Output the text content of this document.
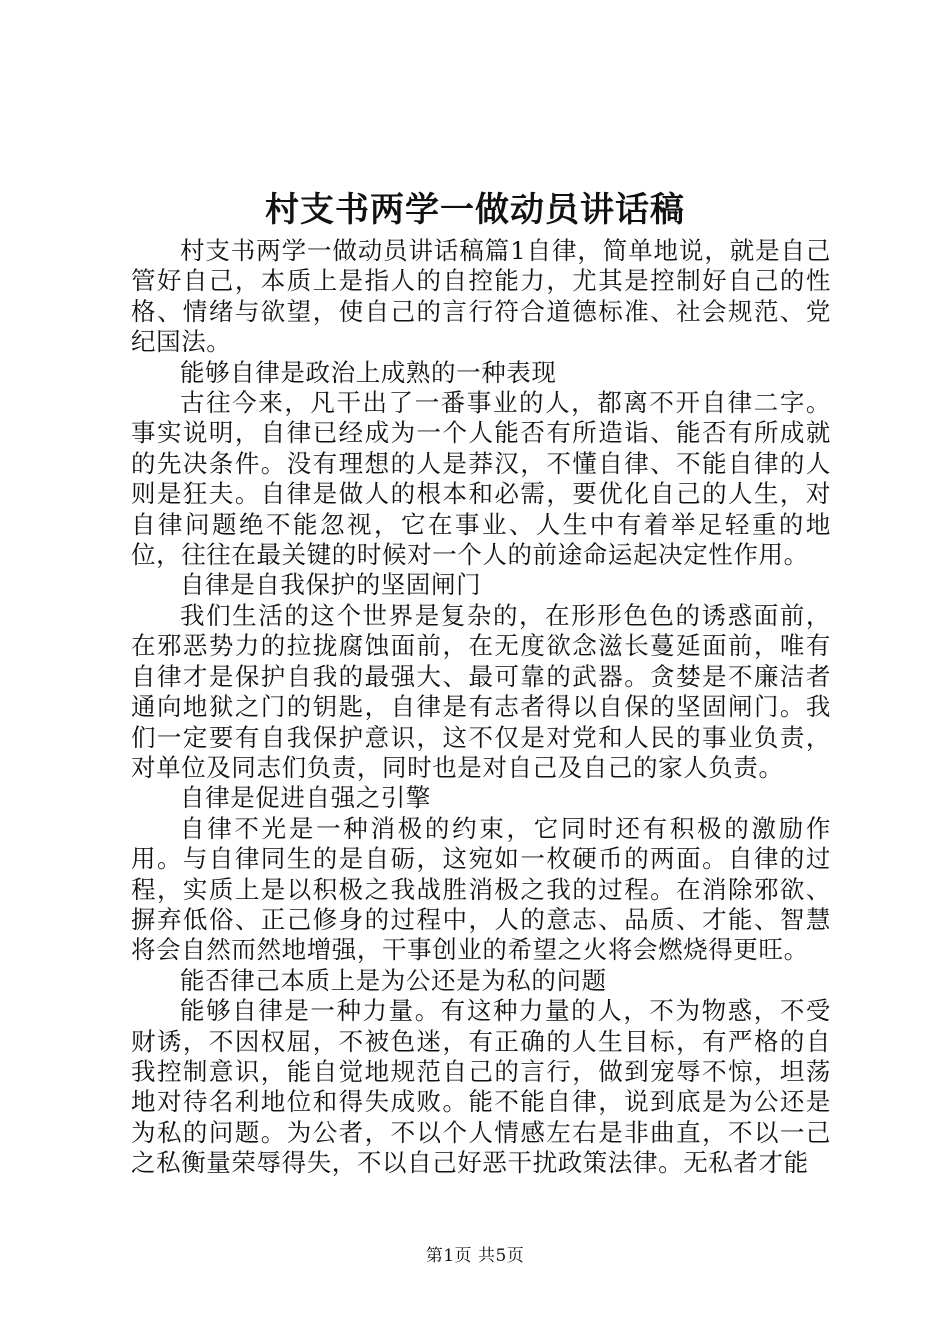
村支书两学一做动员讲话稿

村支书两学一做动员讲话稿篇1自律，简单地说，就是自己管好自己，本质上是指人的自控能力，尤其是控制好自己的性格、情绪与欲望，使自己的言行符合道德标准、社会规范、党纪国法。

能够自律是政治上成熟的一种表现

古往今来，凡干出了一番事业的人，都离不开自律二字。事实说明，自律已经成为一个人能否有所造诣、能否有所成就的先决条件。没有理想的人是莽汉，不懂自律、不能自律的人则是狂夫。自律是做人的根本和必需，要优化自己的人生，对自律问题绝不能忽视，它在事业、人生中有着举足轻重的地位，往往在最关键的时候对一个人的前途命运起决定性作用。

自律是自我保护的坚固闸门

我们生活的这个世界是复杂的，在形形色色的诱惑面前，在邪恶势力的拉拢腐蚀面前，在无度欲念滋长蔓延面前，唯有自律才是保护自我的最强大、最可靠的武器。贪婪是不廉洁者通向地狱之门的钥匙，自律是有志者得以自保的坚固闸门。我们一定要有自我保护意识，这不仅是对党和人民的事业负责，对单位及同志们负责，同时也是对自己及自己的家人负责。

自律是促进自强之引擎

自律不光是一种消极的约束，它同时还有积极的激励作用。与自律同生的是自砺，这宛如一枚硬币的两面。自律的过程，实质上是以积极之我战胜消极之我的过程。在消除邪欲、摒弃低俗、正己修身的过程中，人的意志、品质、才能、智慧将会自然而然地增强，干事创业的希望之火将会燃烧得更旺。

能否律己本质上是为公还是为私的问题

能够自律是一种力量。有这种力量的人，不为物惑，不受财诱，不因权屈，不被色迷，有正确的人生目标，有严格的自我控制意识，能自觉地规范自己的言行，做到宠辱不惊，坦荡地对待名利地位和得失成败。能不能自律，说到底是为公还是为私的问题。为公者，不以个人情感左右是非曲直，不以一己之私衡量荣辱得失，不以自己好恶干扰政策法律。无私者才能

第1页 共5页
